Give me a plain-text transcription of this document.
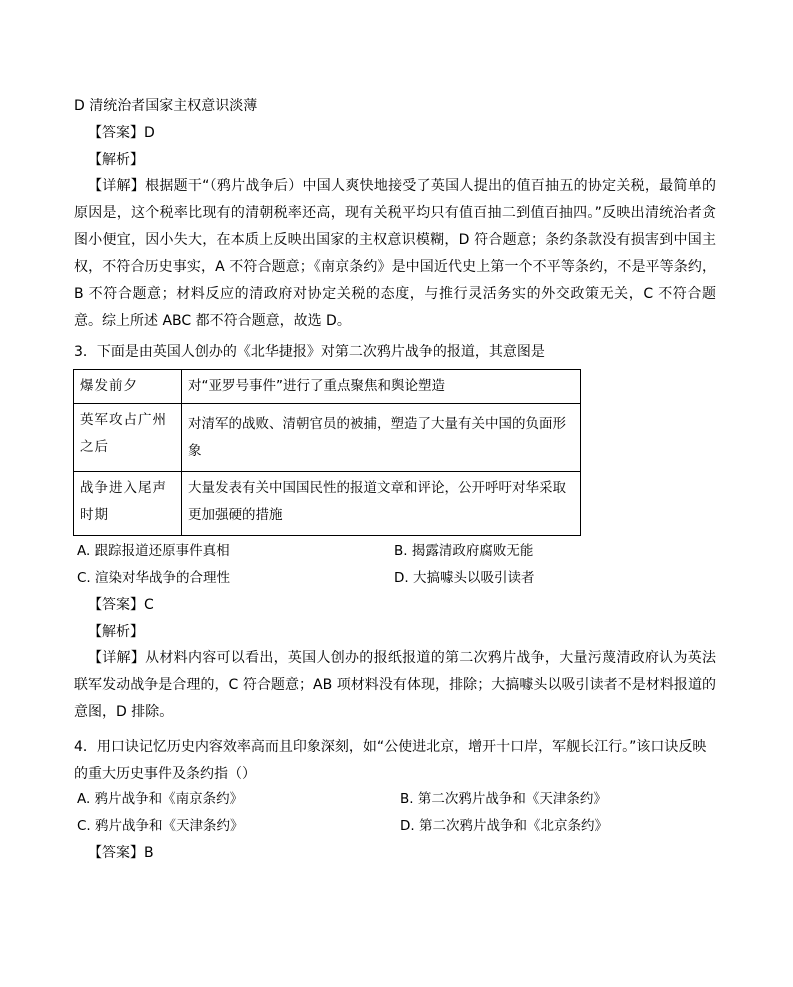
D 清统治者国家主权意识淡薄
【答案】D
【解析】
【详解】根据题干“（鸦片战争后）中国人爽快地接受了英国人提出的值百抽五的协定关税，最简单的原因是，这个税率比现有的清朝税率还高，现有关税平均只有值百抽二到值百抽四。”反映出清统治者贪图小便宜，因小失大，在本质上反映出国家的主权意识模糊，D 符合题意；条约条款没有损害到中国主权，不符合历史事实，A 不符合题意；《南京条约》是中国近代史上第一个不平等条约，不是平等条约，B 不符合题意；材料反应的清政府对协定关税的态度，与推行灵活务实的外交政策无关，C 不符合题意。综上所述 ABC 都不符合题意，故选 D。
3．下面是由英国人创办的《北华捷报》对第二次鸦片战争的报道，其意图是
爆发前夕	对“亚罗号事件”进行了重点聚焦和舆论塑造
英军攻占广州之后	对清军的战败、清朝官员的被捕，塑造了大量有关中国的负面形象
战争进入尾声时期	大量发表有关中国国民性的报道文章和评论，公开呼吁对华采取更加强硬的措施
A. 跟踪报道还原事件真相	B. 揭露清政府腐败无能
C. 渲染对华战争的合理性	D. 大搞噱头以吸引读者
【答案】C
【解析】
【详解】从材料内容可以看出，英国人创办的报纸报道的第二次鸦片战争，大量污蔑清政府认为英法联军发动战争是合理的，C 符合题意；AB 项材料没有体现，排除；大搞噱头以吸引读者不是材料报道的意图，D 排除。
4．用口诀记忆历史内容效率高而且印象深刻，如“公使进北京，增开十口岸，军舰长江行。”该口诀反映的重大历史事件及条约指（）
A. 鸦片战争和《南京条约》	B. 第二次鸦片战争和《天津条约》
C. 鸦片战争和《天津条约》	D. 第二次鸦片战争和《北京条约》
【答案】B
